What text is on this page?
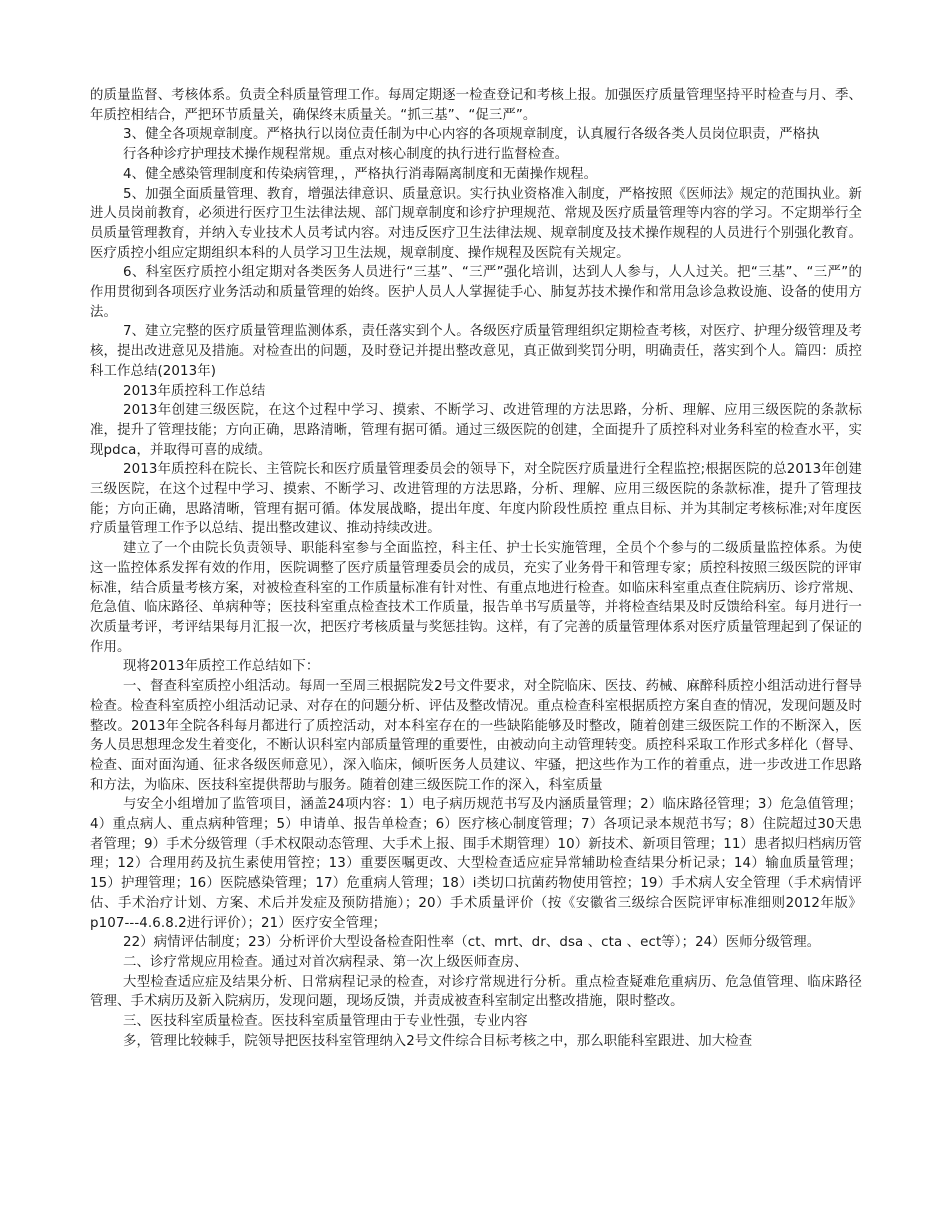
的质量监督、考核体系。负责全科质量管理工作。每周定期逐一检查登记和考核上报。加强医疗质量管理坚持平时检查与月、季、年质控相结合，严把环节质量关，确保终末质量关。“抓三基”、“促三严”。

3、健全各项规章制度。严格执行以岗位责任制为中心内容的各项规章制度，认真履行各级各类人员岗位职责，严格执

行各种诊疗护理技术操作规程常规。重点对核心制度的执行进行监督检查。

4、健全感染管理制度和传染病管理，，严格执行消毒隔离制度和无菌操作规程。

5、加强全面质量管理、教育，增强法律意识、质量意识。实行执业资格准入制度，严格按照《医师法》规定的范围执业。新进人员岗前教育，必须进行医疗卫生法律法规、部门规章制度和诊疗护理规范、常规及医疗质量管理等内容的学习。不定期举行全员质量管理教育，并纳入专业技术人员考试内容。对违反医疗卫生法律法规、规章制度及技术操作规程的人员进行个别强化教育。医疗质控小组应定期组织本科的人员学习卫生法规，规章制度、操作规程及医院有关规定。

6、科室医疗质控小组定期对各类医务人员进行“三基”、“三严”强化培训，达到人人参与，人人过关。把“三基”、“三严”的作用贯彻到各项医疗业务活动和质量管理的始终。医护人员人人掌握徒手心、肺复苏技术操作和常用急诊急救设施、设备的使用方法。

7、建立完整的医疗质量管理监测体系，责任落实到个人。各级医疗质量管理组织定期检查考核，对医疗、护理分级管理及考核，提出改进意见及措施。对检查出的问题，及时登记并提出整改意见，真正做到奖罚分明，明确责任，落实到个人。篇四：质控科工作总结(2013年)

2013年质控科工作总结

2013年创建三级医院，在这个过程中学习、摸索、不断学习、改进管理的方法思路，分析、理解、应用三级医院的条款标准，提升了管理技能；方向正确，思路清晰，管理有据可循。通过三级医院的创建，全面提升了质控科对业务科室的检查水平，实现pdca，并取得可喜的成绩。

2013年质控科在院长、主管院长和医疗质量管理委员会的领导下，对全院医疗质量进行全程监控;根据医院的总2013年创建三级医院，在这个过程中学习、摸索、不断学习、改进管理的方法思路，分析、理解、应用三级医院的条款标准，提升了管理技能；方向正确，思路清晰，管理有据可循。体发展战略，提出年度、年度内阶段性质控 重点目标、并为其制定考核标准;对年度医疗质量管理工作予以总结、提出整改建议、推动持续改进。

建立了一个由院长负责领导、职能科室参与全面监控，科主任、护士长实施管理，全员个个参与的二级质量监控体系。为使这一监控体系发挥有效的作用，医院调整了医疗质量管理委员会的成员，充实了业务骨干和管理专家；质控科按照三级医院的评审标准，结合质量考核方案，对被检查科室的工作质量标准有针对性、有重点地进行检查。如临床科室重点查住院病历、诊疗常规、危急值、临床路径、单病种等；医技科室重点检查技术工作质量，报告单书写质量等，并将检查结果及时反馈给科室。每月进行一次质量考评，考评结果每月汇报一次，把医疗考核质量与奖惩挂钩。这样，有了完善的质量管理体系对医疗质量管理起到了保证的作用。

现将2013年质控工作总结如下：

一、督查科室质控小组活动。每周一至周三根据院发2号文件要求，对全院临床、医技、药械、麻醉科质控小组活动进行督导检查。检查科室质控小组活动记录、对存在的问题分析、评估及整改情况。重点检查科室根据质控方案自查的情况，发现问题及时整改。2013年全院各科每月都进行了质控活动，对本科室存在的一些缺陷能够及时整改，随着创建三级医院工作的不断深入，医务人员思想理念发生着变化，不断认识科室内部质量管理的重要性，由被动向主动管理转变。质控科采取工作形式多样化（督导、检查、面对面沟通、征求各级医师意见），深入临床，倾听医务人员建议、牢骚，把这些作为工作的着重点，进一步改进工作思路和方法，为临床、医技科室提供帮助与服务。随着创建三级医院工作的深入，科室质量

与安全小组增加了监管项目，涵盖24项内容：1）电子病历规范书写及内涵质量管理；2）临床路径管理；3）危急值管理；4）重点病人、重点病种管理；5）申请单、报告单检查；6）医疗核心制度管理；7）各项记录本规范书写；8）住院超过30天患者管理；9）手术分级管理（手术权限动态管理、大手术上报、围手术期管理）10）新技术、新项目管理；11）患者拟归档病历管理；12）合理用药及抗生素使用管控；13）重要医嘱更改、大型检查适应症异常辅助检查结果分析记录；14）输血质量管理；15）护理管理；16）医院感染管理；17）危重病人管理；18）ⅰ类切口抗菌药物使用管控；19）手术病人安全管理（手术病情评估、手术治疗计划、方案、术后并发症及预防措施）；20）手术质量评价（按《安徽省三级综合医院评审标准细则2012年版》p107---4.6.8.2进行评价）；21）医疗安全管理；

22）病情评估制度；23）分析评价大型设备检查阳性率（ct、mrt、dr、dsa 、cta 、ect等）；24）医师分级管理。

二、诊疗常规应用检查。通过对首次病程录、第一次上级医师查房、

大型检查适应症及结果分析、日常病程记录的检查，对诊疗常规进行分析。重点检查疑难危重病历、危急值管理、临床路径管理、手术病历及新入院病历，发现问题，现场反馈，并责成被查科室制定出整改措施，限时整改。

三、医技科室质量检查。医技科室质量管理由于专业性强，专业内容

多，管理比较棘手，院领导把医技科室管理纳入2号文件综合目标考核之中，那么职能科室跟进、加大检查
